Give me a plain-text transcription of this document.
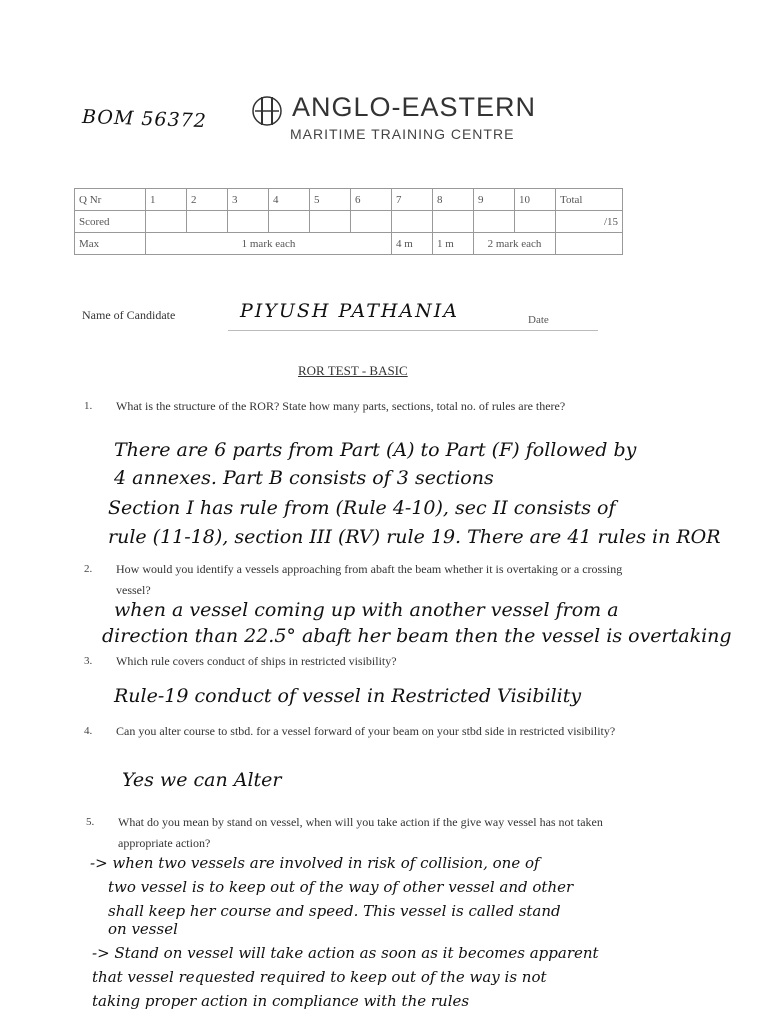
BOM 56372	ANGLO-EASTERN
MARITIME TRAINING CENTRE
Q Nr	1	2	3	4	5	6	7	8	9	10	Total
Scored											/15
Max	1 mark each						4 m	1 m	2 mark each		
Name of Candidate	PIYUSH PATHANIA	Date
ROR TEST - BASIC
1. What is the structure of the ROR? State how many parts, sections, total no. of rules are there?
There are 6 parts from Part (A) to Part (F) followed by
4 annexes. Part B consists of 3 sections
Section I has rule from (Rule 4-10), sec II consists of
rule (11-18), section III (RV) rule 19. There are 41 rules in ROR
2. How would you identify a vessels approaching from abaft the beam whether it is overtaking or a crossing vessel?
when a vessel coming up with another vessel from a
direction than 22.5° abaft her beam then the vessel is overtaking
3. Which rule covers conduct of ships in restricted visibility?
Rule-19 conduct of vessel in Restricted Visibility
4. Can you alter course to stbd. for a vessel forward of your beam on your stbd side in restricted visibility?
Yes we can Alter
5. What do you mean by stand on vessel, when will you take action if the give way vessel has not taken appropriate action?
-> when two vessels are involved in risk of collision, one of
two vessel is to keep out of the way of other vessel and other
shall keep her course and speed. This vessel is called stand
on vessel
-> Stand on vessel will take action as soon as it becomes apparent
that vessel requested required to keep out of the way is not
taking proper action in compliance with the rules
